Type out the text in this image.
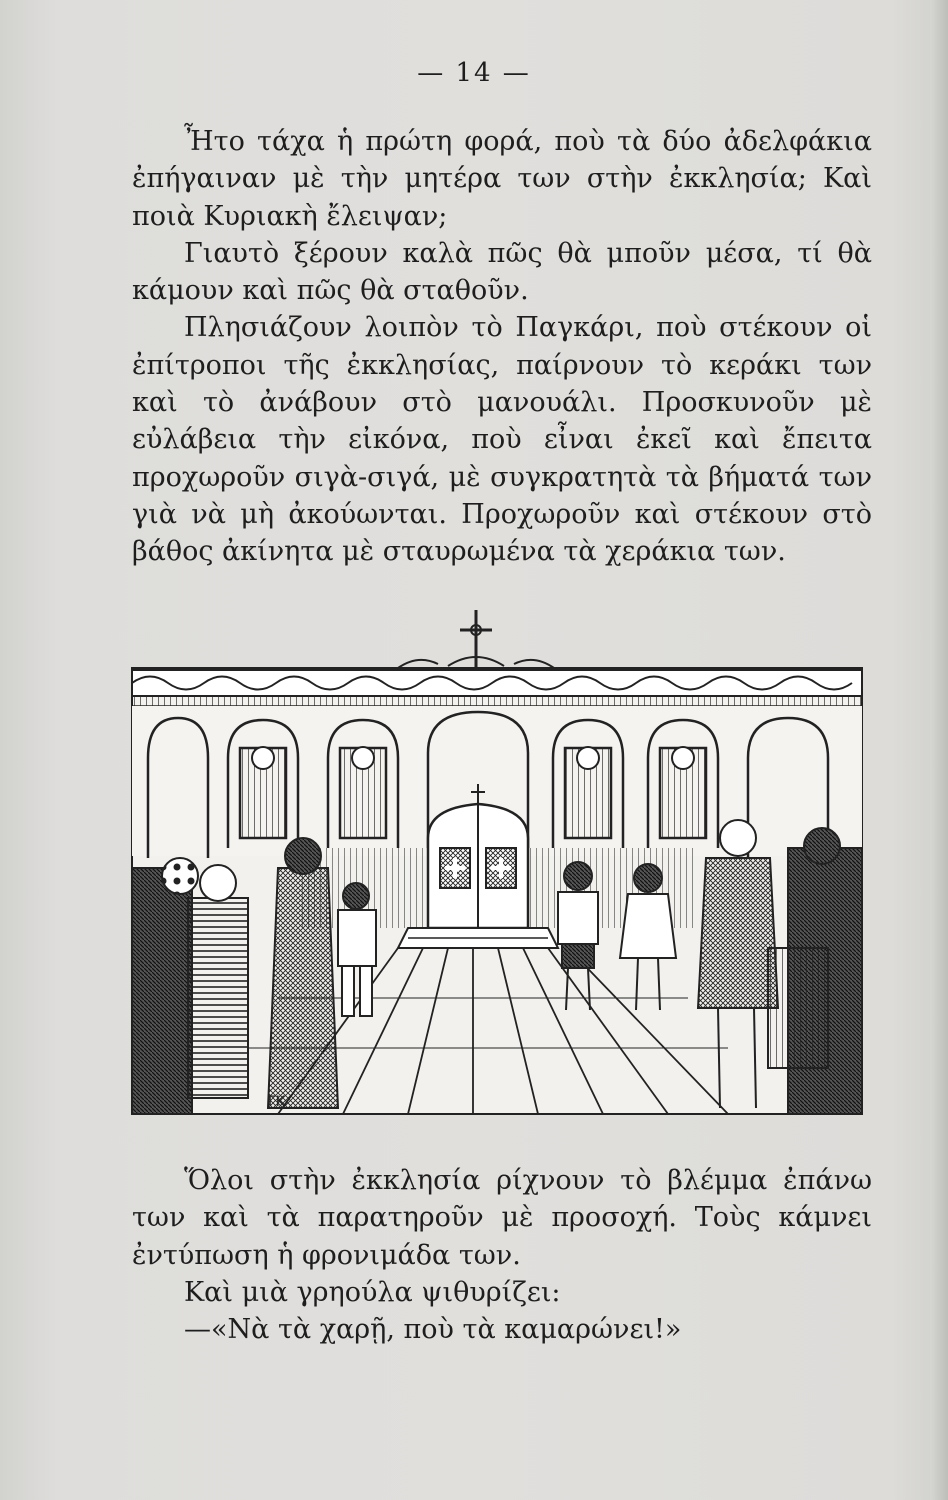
— 14 —

Ἦτο τάχα ἡ πρώτη φορά, ποὺ τὰ δύο ἀδελφάκια ἐπήγαιναν μὲ τὴν μητέρα των στὴν ἐκκλησία; Καὶ ποιὰ Κυριακὴ ἔλειψαν;

Γιαυτὸ ξέρουν καλὰ πῶς θὰ μποῦν μέσα, τί θὰ κάμουν καὶ πῶς θὰ σταθοῦν.

Πλησιάζουν λοιπὸν τὸ Παγκάρι, ποὺ στέκουν οἱ ἐπίτροποι τῆς ἐκκλησίας, παίρνουν τὸ κεράκι των καὶ τὸ ἀνάβουν στὸ μανουάλι. Προσκυνοῦν μὲ εὐλάβεια τὴν εἰκόνα, ποὺ εἶναι ἐκεῖ καὶ ἔπειτα προχωροῦν σιγὰ-σιγά, μὲ συγκρατητὰ τὰ βήματά των γιὰ νὰ μὴ ἀκούωνται. Προχωροῦν καὶ στέκουν στὸ βάθος ἀκίνητα μὲ σταυρωμένα τὰ χεράκια των.

ΓΚ

Ὅλοι στὴν ἐκκλησία ρίχνουν τὸ βλέμμα ἐπάνω των καὶ τὰ παρατηροῦν μὲ προσοχή. Τοὺς κάμνει ἐντύπωση ἡ φρονιμάδα των.

Καὶ μιὰ γρηούλα ψιθυρίζει:

—«Νὰ τὰ χαρῇ, ποὺ τὰ καμαρώνει!»
